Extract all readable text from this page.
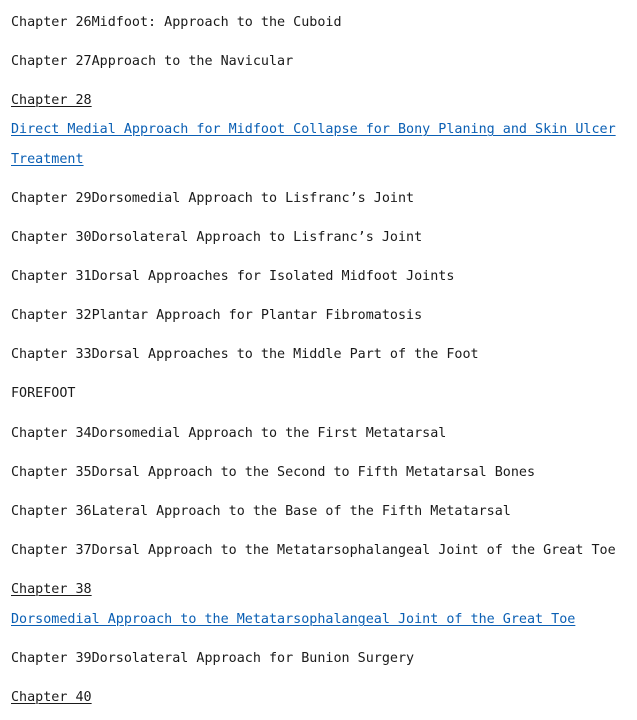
Chapter 26Midfoot: Approach to the Cuboid
Chapter 27Approach to the Navicular
Chapter 28
Direct Medial Approach for Midfoot Collapse for Bony Planing and Skin Ulcer
Treatment
Chapter 29Dorsomedial Approach to Lisfranc’s Joint
Chapter 30Dorsolateral Approach to Lisfranc’s Joint
Chapter 31Dorsal Approaches for Isolated Midfoot Joints
Chapter 32Plantar Approach for Plantar Fibromatosis
Chapter 33Dorsal Approaches to the Middle Part of the Foot
FOREFOOT
Chapter 34Dorsomedial Approach to the First Metatarsal
Chapter 35Dorsal Approach to the Second to Fifth Metatarsal Bones
Chapter 36Lateral Approach to the Base of the Fifth Metatarsal
Chapter 37Dorsal Approach to the Metatarsophalangeal Joint of the Great Toe
Chapter 38
Dorsomedial Approach to the Metatarsophalangeal Joint of the Great Toe
Chapter 39Dorsolateral Approach for Bunion Surgery
Chapter 40
